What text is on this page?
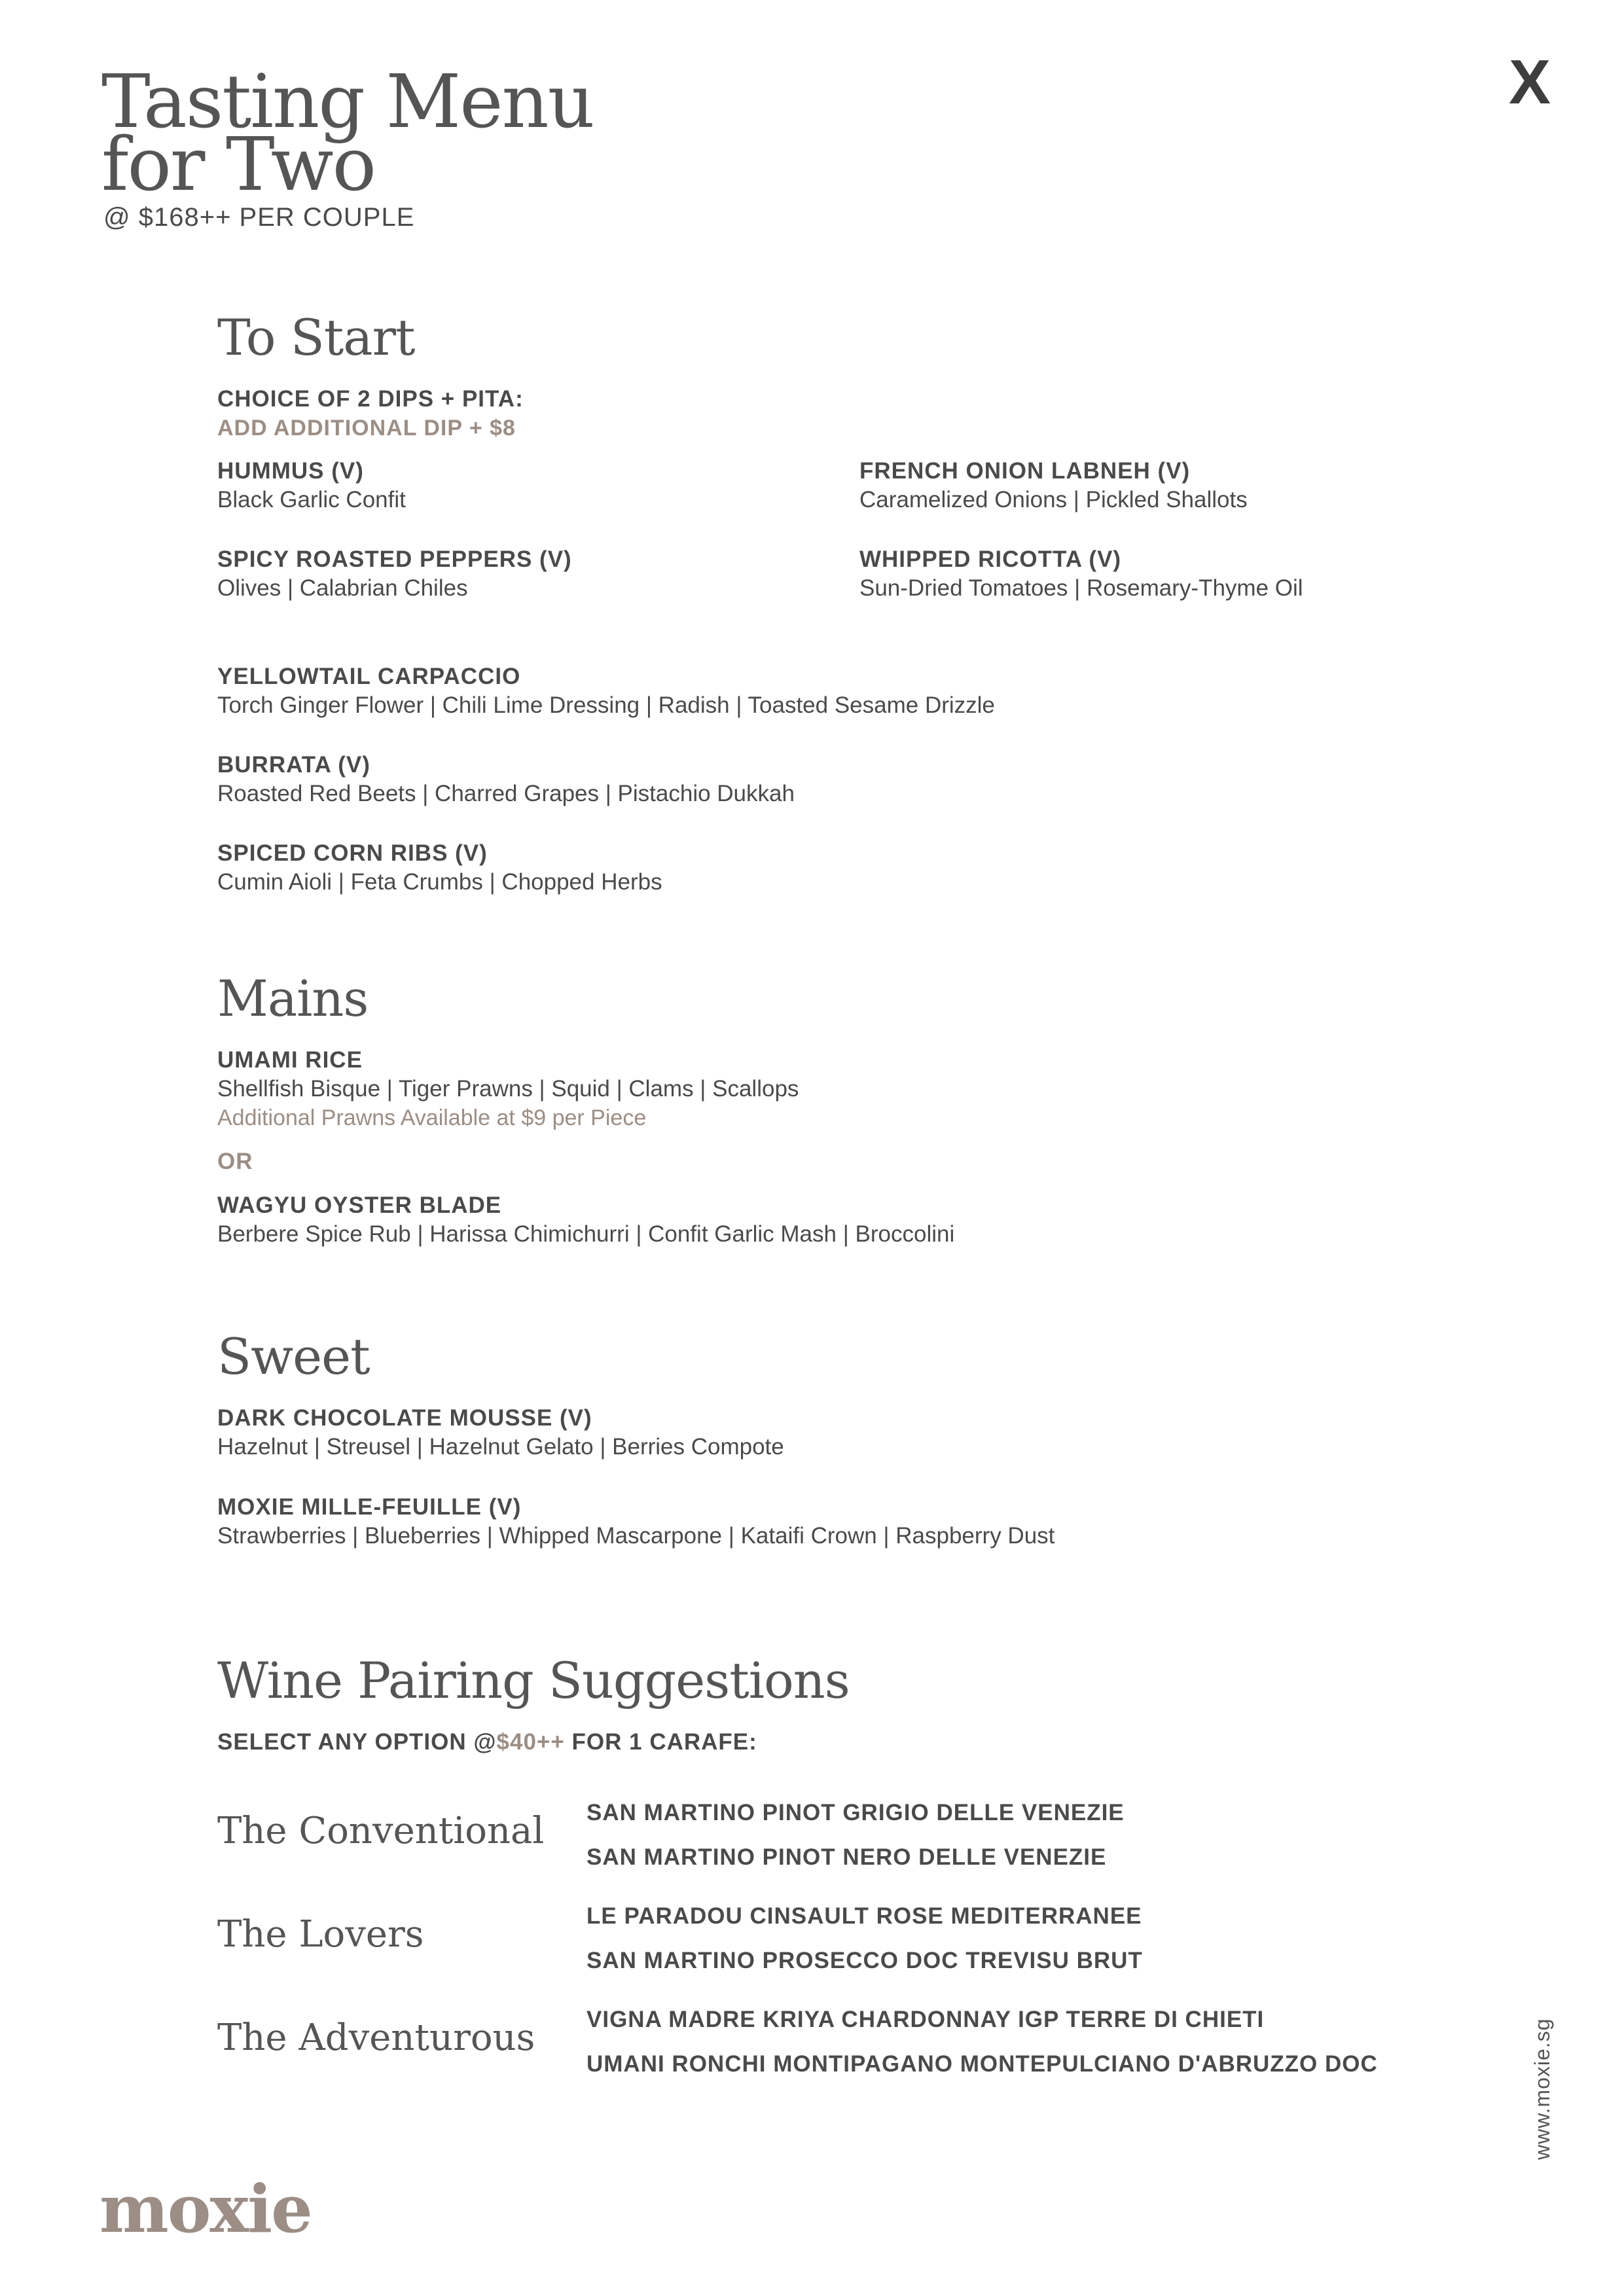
Tasting Menu
for Two
@ $168++ PER COUPLE
X
To Start
CHOICE OF 2 DIPS + PITA:
ADD ADDITIONAL DIP + $8
HUMMUS (V)
Black Garlic Confit
FRENCH ONION LABNEH (V)
Caramelized Onions | Pickled Shallots
SPICY ROASTED PEPPERS (V)
Olives | Calabrian Chiles
WHIPPED RICOTTA (V)
Sun-Dried Tomatoes | Rosemary-Thyme Oil
YELLOWTAIL CARPACCIO
Torch Ginger Flower | Chili Lime Dressing | Radish | Toasted Sesame Drizzle
BURRATA (V)
Roasted Red Beets | Charred Grapes | Pistachio Dukkah
SPICED CORN RIBS (V)
Cumin Aioli | Feta Crumbs | Chopped Herbs
Mains
UMAMI RICE
Shellfish Bisque | Tiger Prawns | Squid | Clams | Scallops
Additional Prawns Available at $9 per Piece
OR
WAGYU OYSTER BLADE
Berbere Spice Rub | Harissa Chimichurri | Confit Garlic Mash | Broccolini
Sweet
DARK CHOCOLATE MOUSSE (V)
Hazelnut | Streusel | Hazelnut Gelato | Berries Compote
MOXIE MILLE-FEUILLE (V)
Strawberries | Blueberries | Whipped Mascarpone | Kataifi Crown | Raspberry Dust
Wine Pairing Suggestions
SELECT ANY OPTION @$40++ FOR 1 CARAFE:
The Conventional SAN MARTINO PINOT GRIGIO DELLE VENEZIE
SAN MARTINO PINOT NERO DELLE VENEZIE
The Lovers	LE PARADOU CINSAULT ROSE MEDITERRANEE
SAN MARTINO PROSECCO DOC TREVISU BRUT
The Adventurous VIGNA MADRE KRIYA CHARDONNAY IGP TERRE DI CHIETI
UMANI RONCHI MONTIPAGANO MONTEPULCIANO D'ABRUZZO DOC	www.moxie.sg
moxie
